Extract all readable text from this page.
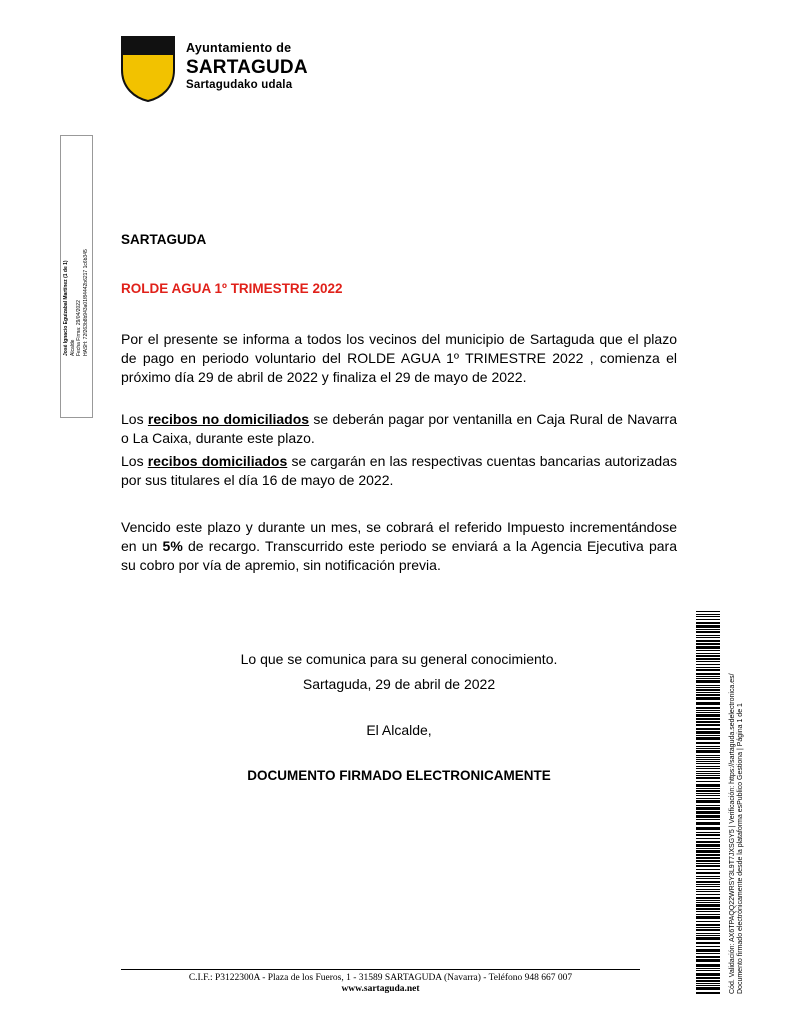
Ayuntamiento de
SARTAGUDA
Sartagudako udala
José Ignacio Eguizabal Martínez (1 de 1) Alcalde Fecha Firma: 29/04/2022 HASH: 72f263b8b943a01f84442b6217 1c6b345
SARTAGUDA
ROLDE AGUA 1º TRIMESTRE 2022
Por el presente se informa a todos los vecinos del municipio de Sartaguda que el plazo de pago en periodo voluntario del ROLDE AGUA 1º TRIMESTRE 2022 , comienza el próximo día 29 de abril de 2022 y finaliza el 29 de mayo de 2022.
Los recibos no domiciliados se deberán pagar por ventanilla en Caja Rural de Navarra o La Caixa, durante este plazo.
Los recibos domiciliados se cargarán en las respectivas cuentas bancarias autorizadas por sus titulares el día 16 de mayo de 2022.
Vencido este plazo y durante un mes, se cobrará el referido Impuesto incrementándose en un 5% de recargo. Transcurrido este periodo se enviará a la Agencia Ejecutiva para su cobro por vía de apremio, sin notificación previa.
Lo que se comunica para su general conocimiento.
Sartaguda, 29 de abril de 2022
El Alcalde,
DOCUMENTO FIRMADO ELECTRONICAMENTE	Cód. Validación: AX6TPAQQ22WRSY3L9T7JXSGY5 | Verificación: https://sartaguda.sedelectronica.es/ Documento firmado electrónicamente desde la plataforma esPublico Gestiona | Página 1 de 1
C.I.F.: P3122300A - Plaza de los Fueros, 1 - 31589 SARTAGUDA (Navarra) - Teléfono 948 667 007
www.sartaguda.net
